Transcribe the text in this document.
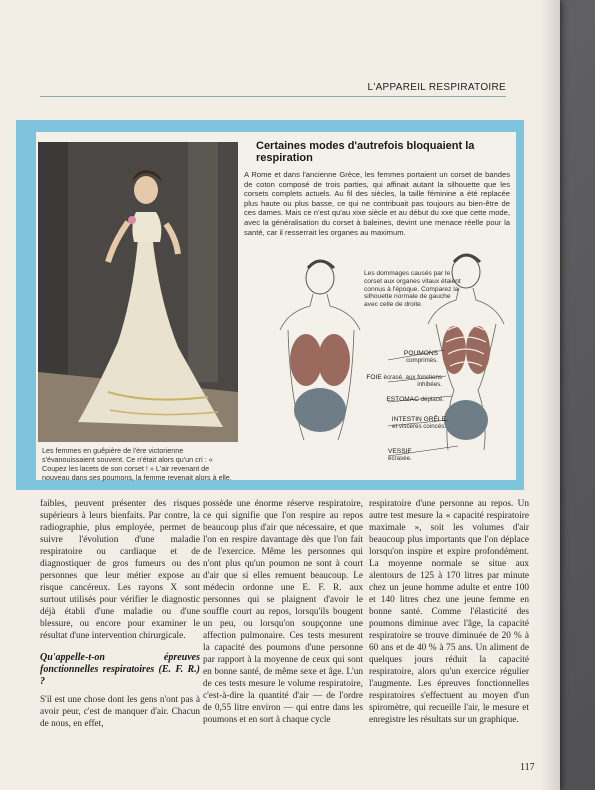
L'APPAREIL RESPIRATOIRE
Les femmes en guêpière de l'ère victorienne s'évanouissaient souvent. Ce n'était alors qu'un cri : « Coupez les lacets de son corset ! » L'air revenant de nouveau dans ses poumons, la femme revenait alors à elle.
Certaines modes d'autrefois bloquaient la respiration
A Rome et dans l'ancienne Grèce, les femmes portaient un corset de bandes de coton composé de trois parties, qui affinait autant la silhouette que les corsets complets actuels. Au fil des siècles, la taille féminine a été replacée plus haute ou plus basse, ce qui ne contribuait pas toujours au bien-être de ces dames. Mais ce n'est qu'au xixe siècle et au début du xxe que cette mode, avec la généralisation du corset à baleines, devint une menace réelle pour la santé, car il resserrait les organes au maximum.
Les dommages causés par le corset aux organes vitaux étaient connus à l'époque. Comparez la silhouette normale de gauche avec celle de droite.
POUMONS
comprimés.
FOIE écrasé, aux fonctions inhibées.
ESTOMAC déplacé.
INTESTIN GRÊLE
et viscères coincés.
VESSIE
écrasée.

faibles, peuvent présenter des risques supérieurs à leurs bienfaits. Par contre, la radiographie, plus employée, permet de suivre l'évolution d'une maladie respiratoire ou cardiaque et de diagnostiquer de gros fumeurs ou des personnes que leur métier expose au risque cancéreux. Les rayons X sont surtout utilisés pour vérifier le diagnostic déjà établi d'une maladie ou d'une blessure, ou encore pour examiner le résultat d'une intervention chirurgicale.

Qu'appelle-t-on épreuves fonctionnelles respiratoires (E. F. R.) ?

S'il est une chose dont les gens n'ont pas à avoir peur, c'est de manquer d'air. Chacun de nous, en effet,

possède une énorme réserve respiratoire, ce qui signifie que l'on respire au repos beaucoup plus d'air que nécessaire, et que l'on en respire davantage dès que l'on fait de l'exercice. Même les personnes qui n'ont plus qu'un poumon ne sont à court d'air que si elles remuent beaucoup. Le médecin ordonne une E. F. R. aux personnes qui se plaignent d'avoir le souffle court au repos, lorsqu'ils bougent un peu, ou lorsqu'on soupçonne une affection pulmonaire. Ces tests mesurent la capacité des poumons d'une personne par rapport à la moyenne de ceux qui sont en bonne santé, de même sexe et âge. L'un de ces tests mesure le volume respiratoire, c'est-à-dire la quantité d'air — de l'ordre de 0,55 litre environ — qui entre dans les poumons et en sort à chaque cycle

respiratoire d'une personne au repos. Un autre test mesure la « capacité respiratoire maximale », soit les volumes d'air beaucoup plus importants que l'on déplace lorsqu'on inspire et expire profondément. La moyenne normale se situe aux alentours de 125 à 170 litres par minute chez un jeune homme adulte et entre 100 et 140 litres chez une jeune femme en bonne santé. Comme l'élasticité des poumons diminue avec l'âge, la capacité respiratoire se trouve diminuée de 20 % à 60 ans et de 40 % à 75 ans. Un aliment de quelques jours réduit la capacité respiratoire, alors qu'un exercice régulier l'augmente. Les épreuves fonctionnelles respiratoires s'effectuent au moyen d'un spiromètre, qui recueille l'air, le mesure et enregistre les résultats sur un graphique.

117
